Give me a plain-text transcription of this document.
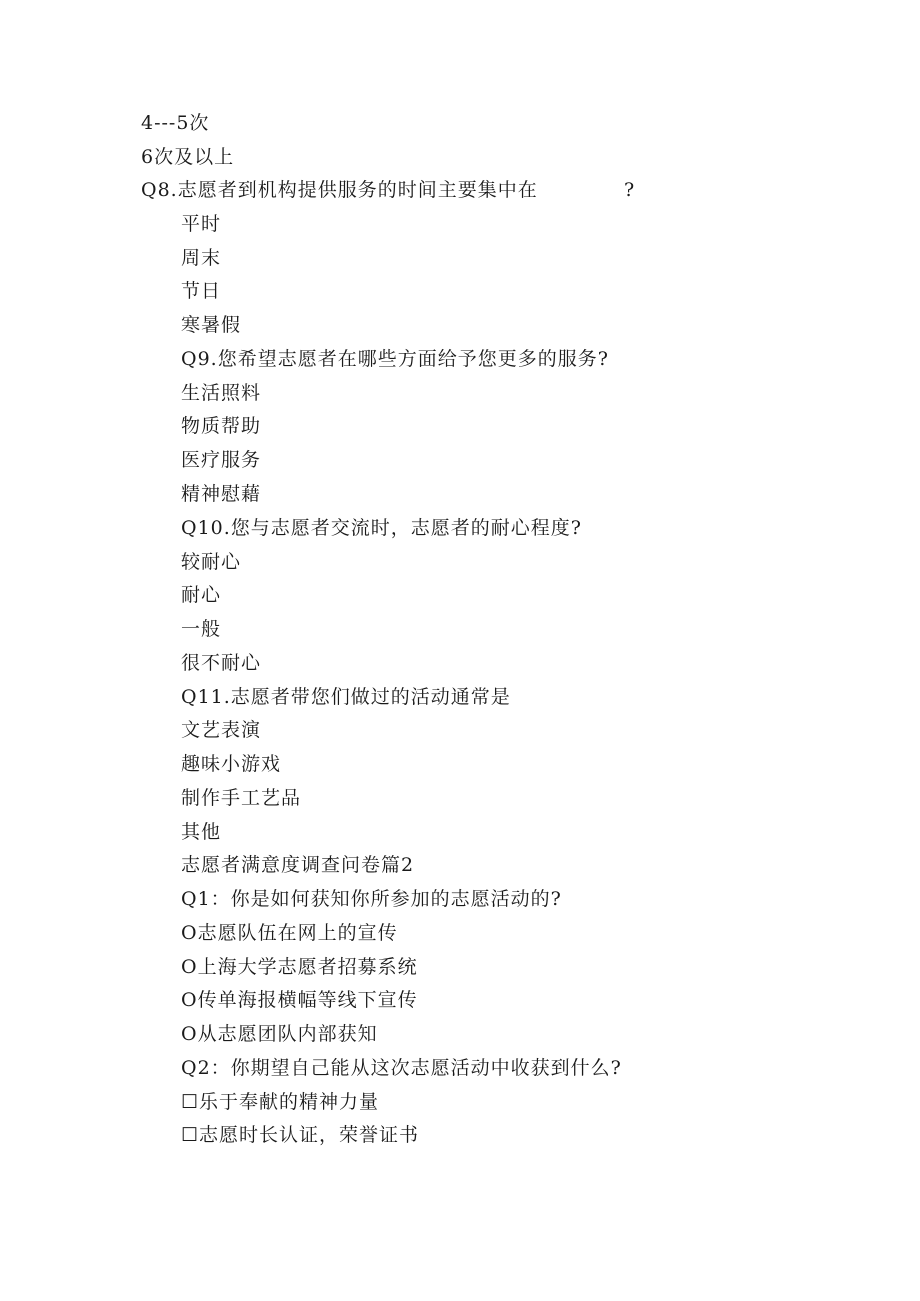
4---5次
6次及以上
Q8.志愿者到机构提供服务的时间主要集中在	?
平时
周末
节日
寒暑假
Q9.您希望志愿者在哪些方面给予您更多的服务?
生活照料
物质帮助
医疗服务
精神慰藉
Q10.您与志愿者交流时，志愿者的耐心程度?
较耐心
耐心
一般
很不耐心
Q11.志愿者带您们做过的活动通常是
文艺表演
趣味小游戏
制作手工艺品
其他
志愿者满意度调查问卷篇2
Q1：你是如何获知你所参加的志愿活动的?
O志愿队伍在网上的宣传
O上海大学志愿者招募系统
O传单海报横幅等线下宣传
O从志愿团队内部获知
Q2：你期望自己能从这次志愿活动中收获到什么?
☐乐于奉献的精神力量
☐志愿时长认证，荣誉证书
